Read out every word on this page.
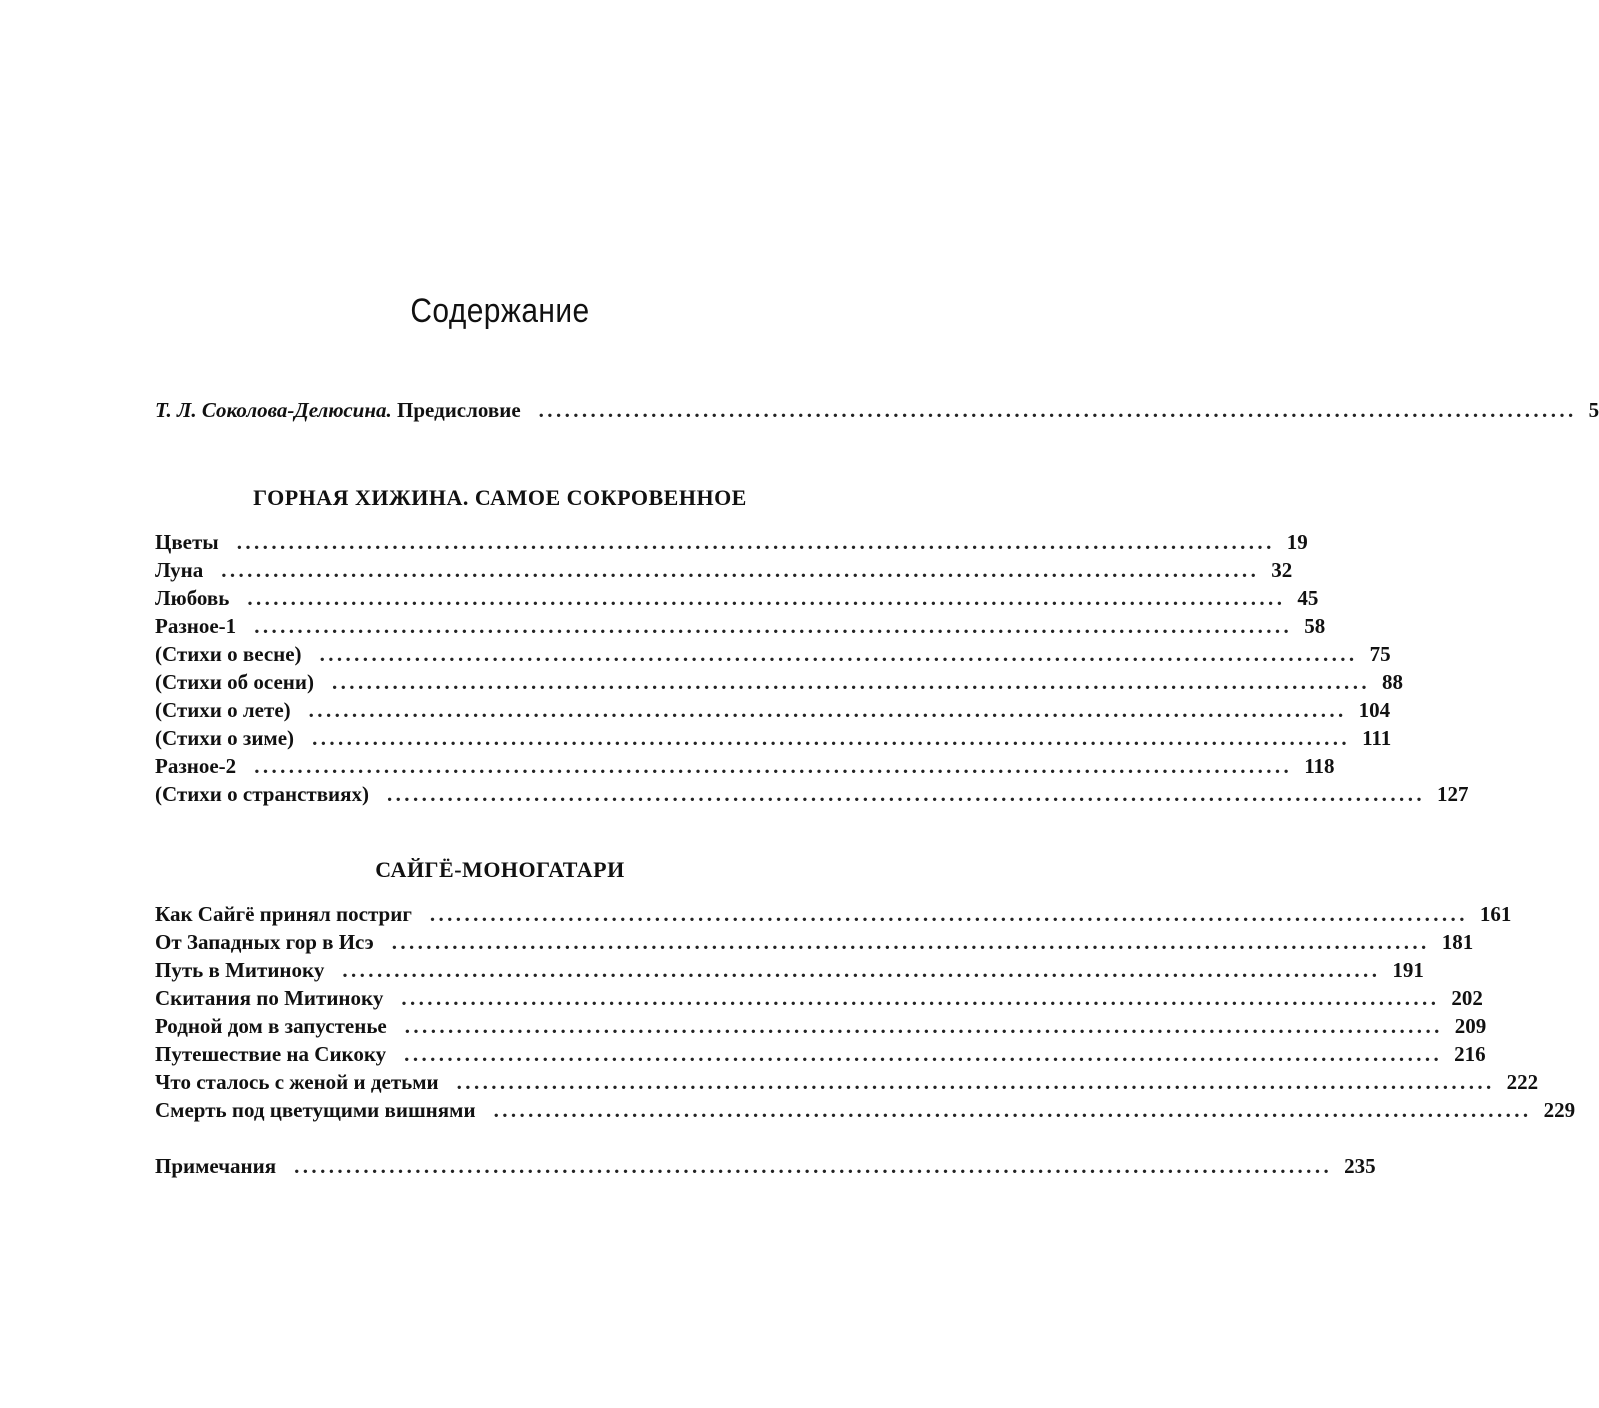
Содержание
Т. Л. Соколова-Делюсина. Предисловие ........................................................................................................................ 5
ГОРНАЯ ХИЖИНА. САМОЕ СОКРОВЕННОЕ
Цветы ........................................................................................................................ 19
Луна ........................................................................................................................ 32
Любовь ........................................................................................................................ 45
Разное-1 ........................................................................................................................ 58
(Стихи о весне) ........................................................................................................................ 75
(Стихи об осени) ........................................................................................................................ 88
(Стихи о лете) ........................................................................................................................ 104
(Стихи о зиме) ........................................................................................................................ 111
Разное-2 ........................................................................................................................ 118
(Стихи о странствиях) ........................................................................................................................ 127
САЙГЁ-МОНОГАТАРИ
Как Сайгё принял постриг ........................................................................................................................ 161
От Западных гор в Исэ ........................................................................................................................ 181
Путь в Митиноку ........................................................................................................................ 191
Скитания по Митиноку ........................................................................................................................ 202
Родной дом в запустенье ........................................................................................................................ 209
Путешествие на Сикоку ........................................................................................................................ 216
Что сталось с женой и детьми ........................................................................................................................ 222
Смерть под цветущими вишнями ........................................................................................................................ 229
Примечания ........................................................................................................................ 235
